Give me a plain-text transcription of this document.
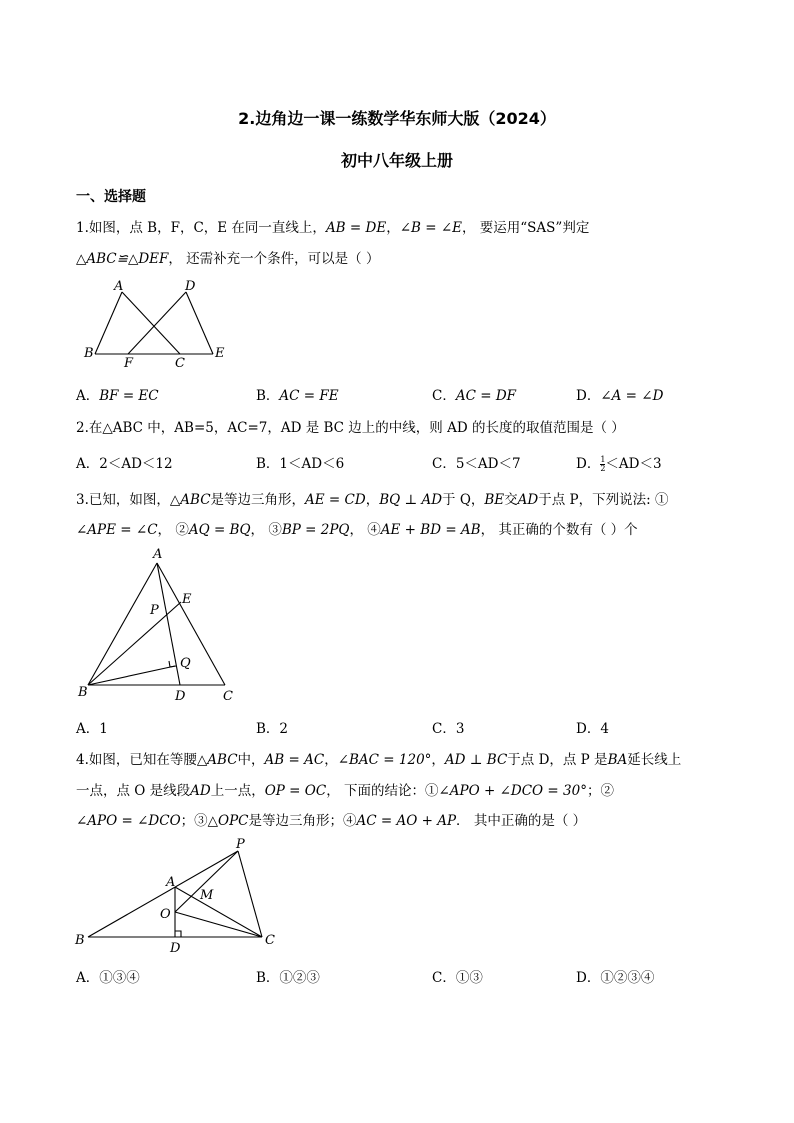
2.边角边一课一练数学华东师大版（2024）
初中八年级上册
一、选择题
1.如图，点 B，F，C，E 在同一直线上，AB = DE，∠B = ∠E， 要运用“SAS”判定
△ABC≌△DEF， 还需补充一个条件，可以是（ ）
A	D
B
F	C
E
A．BF = EC	B．AC = FE	C．AC = DF	D．∠A = ∠D
2.在△ABC 中，AB=5，AC=7，AD 是 BC 边上的中线，则 AD 的长度的取值范围是（ ）
A．2＜AD＜12	B．1＜AD＜6	C．5＜AD＜7	D． $\frac{1}{2} <AD<3$
3.已知，如图，△ABC是等边三角形，AE = CD，BQ ⊥ AD于 Q，BE交AD于点 P，下列说法: ①
∠APE = ∠C， ②AQ = BQ， ③BP = 2PQ， ④AE + BD = AB， 其正确的个数有（ ）个
A
E
P
Q
B	D	C
A．1	B．2	C．3	D．4
4.如图，已知在等腰△ABC中，AB = AC，∠BAC = 120°，AD ⊥ BC于点 D，点 P 是BA延长线上
一点，点 O 是线段AD上一点，OP = OC， 下面的结论：①∠APO + ∠DCO = 30°；②
∠APO = ∠DCO；③△OPC是等边三角形；④AC = AO + AP． 其中正确的是（ ）
P
A
M
O
B
D
C
A．①③④	B．①②③	C．①③	D．①②③④
